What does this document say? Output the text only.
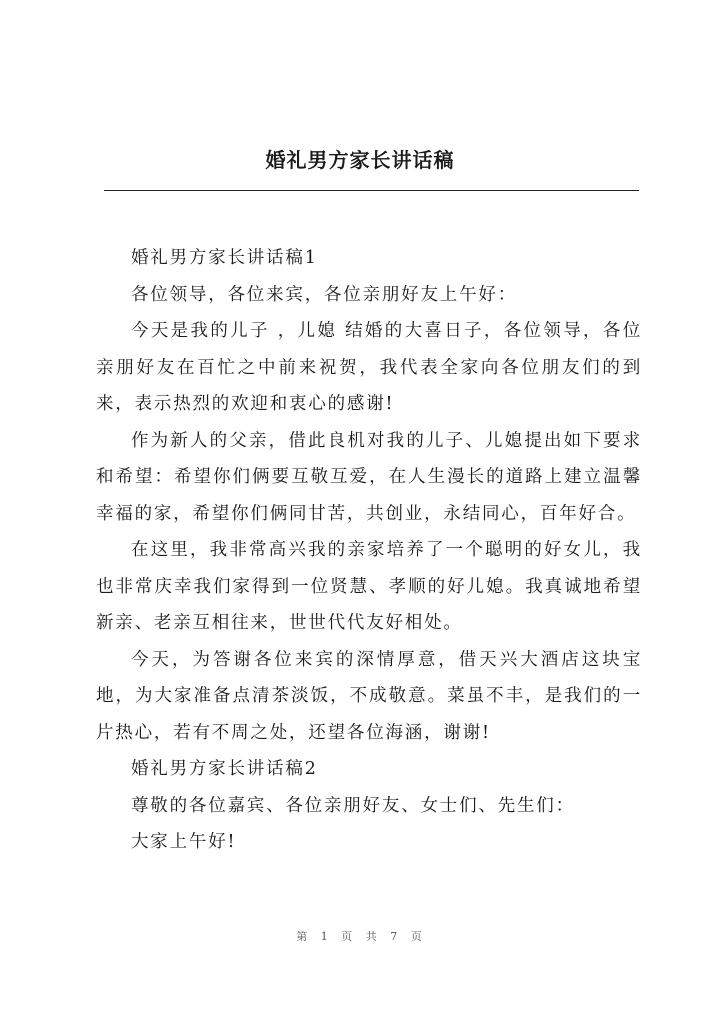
婚礼男方家长讲话稿

婚礼男方家长讲话稿1

各位领导，各位来宾，各位亲朋好友上午好：

今天是我的儿子 ，儿媳 结婚的大喜日子，各位领导，各位亲朋好友在百忙之中前来祝贺，我代表全家向各位朋友们的到来，表示热烈的欢迎和衷心的感谢!

作为新人的父亲，借此良机对我的儿子、儿媳提出如下要求和希望：希望你们俩要互敬互爱，在人生漫长的道路上建立温馨幸福的家，希望你们俩同甘苦，共创业，永结同心，百年好合。

在这里，我非常高兴我的亲家培养了一个聪明的好女儿，我也非常庆幸我们家得到一位贤慧、孝顺的好儿媳。我真诚地希望新亲、老亲互相往来，世世代代友好相处。

今天，为答谢各位来宾的深情厚意，借天兴大酒店这块宝地，为大家准备点清茶淡饭，不成敬意。菜虽不丰，是我们的一片热心，若有不周之处，还望各位海涵，谢谢!

婚礼男方家长讲话稿2

尊敬的各位嘉宾、各位亲朋好友、女士们、先生们：

大家上午好!

第 1 页 共 7 页
